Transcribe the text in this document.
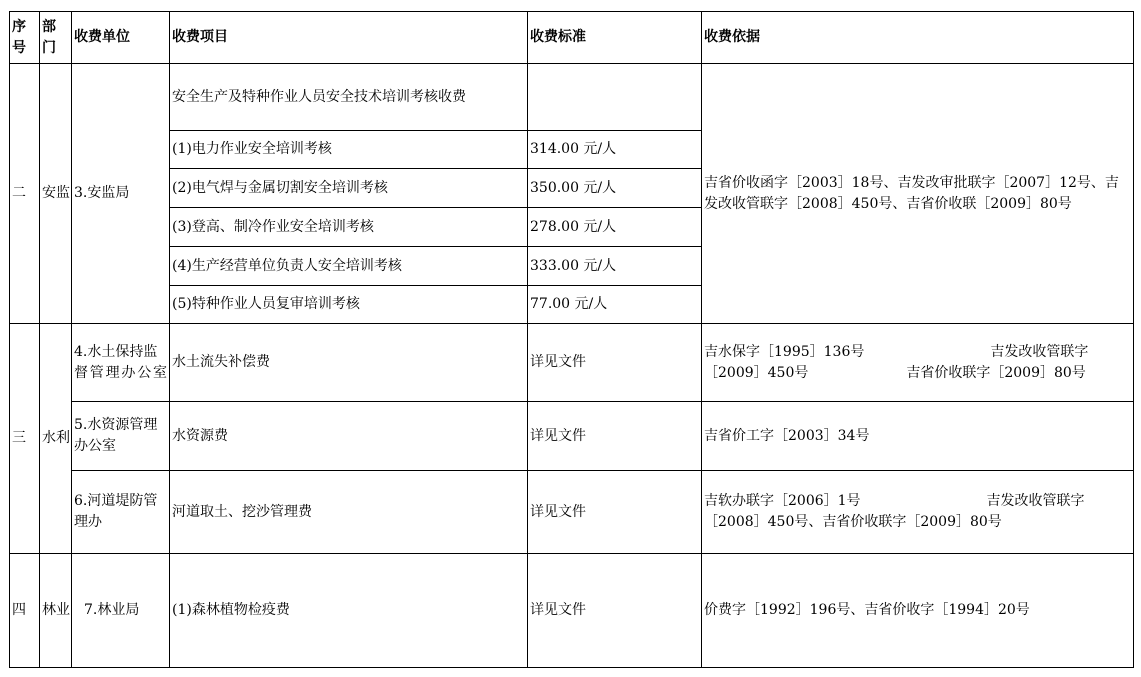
序号	部门	收费单位	收费项目	收费标准	收费依据
二	安监	3.安监局	安全生产及特种作业人员安全技术培训考核收费		吉省价收函字［2003］18号、吉发改审批联字［2007］12号、吉发改收管联字［2008］450号、吉省价收联［2009］80号
			(1)电力作业安全培训考核	314.00 元/人	
			(2)电气焊与金属切割安全培训考核	350.00 元/人	
			(3)登高、制冷作业安全培训考核	278.00 元/人	
			(4)生产经营单位负责人安全培训考核	333.00 元/人	
			(5)特种作业人员复审培训考核	77.00 元/人	
三	水利	4.水土保持监督管理办公室	水土流失补偿费	详见文件	吉水保字［1995］136号　　　　　　　　　吉发改收管联字［2009］450号　　　　　　　吉省价收联字［2009］80号
		5.水资源管理办公室	水资源费	详见文件	吉省价工字［2003］34号
		6.河道堤防管理办	河道取土、挖沙管理费	详见文件	吉软办联字［2006］1号　　　　　　　　　吉发改收管联字［2008］450号、吉省价收联字［2009］80号
四	林业	7.林业局	(1)森林植物检疫费	详见文件	价费字［1992］196号、吉省价收字［1994］20号
